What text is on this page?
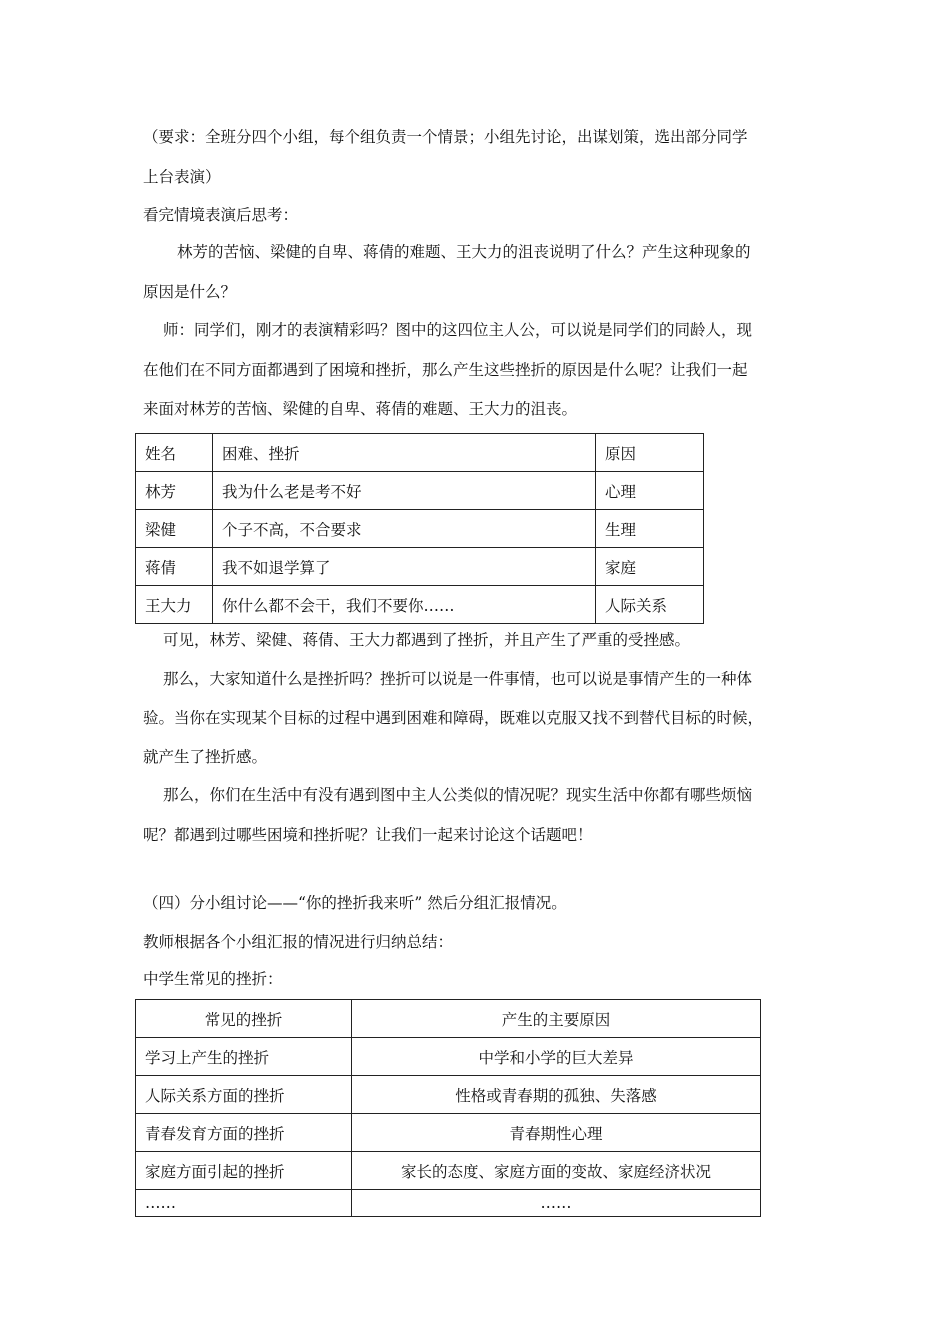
（要求：全班分四个小组，每个组负责一个情景；小组先讨论，出谋划策，选出部分同学
上台表演）
看完情境表演后思考：
林芳的苦恼、梁健的自卑、蒋倩的难题、王大力的沮丧说明了什么？产生这种现象的
原因是什么？
师：同学们，刚才的表演精彩吗？图中的这四位主人公，可以说是同学们的同龄人，现
在他们在不同方面都遇到了困境和挫折，那么产生这些挫折的原因是什么呢？让我们一起
来面对林芳的苦恼、梁健的自卑、蒋倩的难题、王大力的沮丧。
姓名	困难、挫折	原因
林芳	我为什么老是考不好	心理
梁健	个子不高，不合要求	生理
蒋倩	我不如退学算了	家庭
王大力	你什么都不会干，我们不要你……	人际关系
可见，林芳、梁健、蒋倩、王大力都遇到了挫折，并且产生了严重的受挫感。
那么，大家知道什么是挫折吗？挫折可以说是一件事情，也可以说是事情产生的一种体
验。当你在实现某个目标的过程中遇到困难和障碍，既难以克服又找不到替代目标的时候，
就产生了挫折感。
那么，你们在生活中有没有遇到图中主人公类似的情况呢？现实生活中你都有哪些烦恼
呢？都遇到过哪些困境和挫折呢？让我们一起来讨论这个话题吧！
（四）分小组讨论——“你的挫折我来听” 然后分组汇报情况。
教师根据各个小组汇报的情况进行归纳总结：
中学生常见的挫折：
常见的挫折	产生的主要原因
学习上产生的挫折	中学和小学的巨大差异
人际关系方面的挫折	性格或青春期的孤独、失落感
青春发育方面的挫折	青春期性心理
家庭方面引起的挫折	家长的态度、家庭方面的变故、家庭经济状况
……	……
